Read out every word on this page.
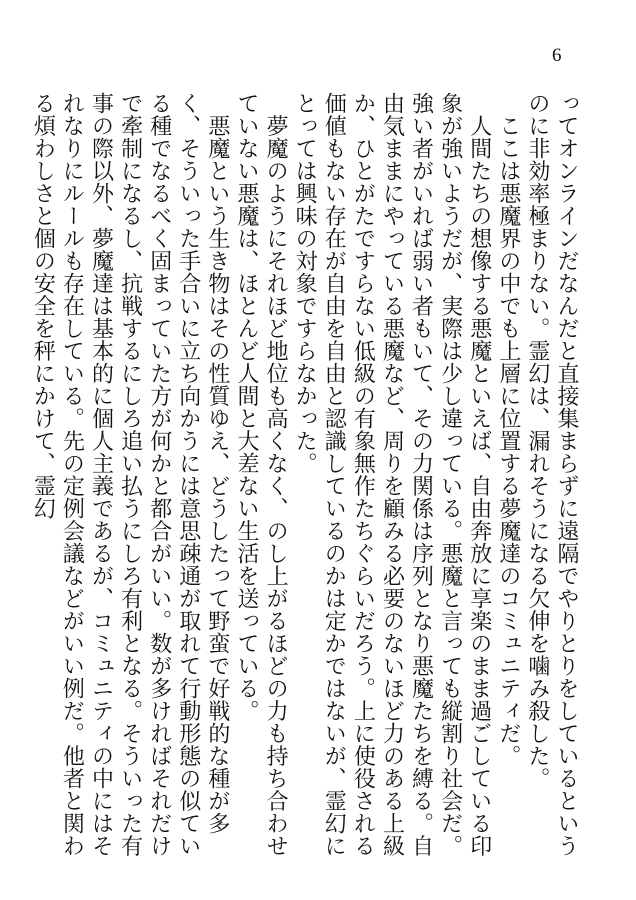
6
ってオンラインだなんだと直接集まらずに遠隔でやりとりをしているというのに非効率極まりない。霊幻は、漏れそうになる欠伸を噛み殺した。
　ここは悪魔界の中でも上層に位置する夢魔達のコミュニティだ。
　人間たちの想像する悪魔といえば、自由奔放に享楽のまま過ごしている印象が強いようだが、実際は少し違っている。悪魔と言っても縦割り社会だ。強い者がいれば弱い者もいて、その力関係は序列となり悪魔たちを縛る。自由気ままにやっている悪魔など、周りを顧みる必要のないほど力のある上級か、ひとがたですらない低級の有象無作たちぐらいだろう。上に使役される価値もない存在が自由を自由と認識しているのかは定かではないが、霊幻にとっては興味の対象ですらなかった。
　夢魔のようにそれほど地位も高くなく、のし上がるほどの力も持ち合わせていない悪魔は、ほとんど人間と大差ない生活を送っている。
　悪魔という生き物はその性質ゆえ、どうしたって野蛮で好戦的な種が多く、そういった手合いに立ち向かうには意思疎通が取れて行動形態の似ている種でなるべく固まっていた方が何かと都合がいい。数が多ければそれだけで牽制になるし、抗戦するにしろ追い払うにしろ有利となる。そういった有事の際以外、夢魔達は基本的に個人主義であるが、コミュニティの中にはそれなりにルールも存在している。先の定例会議などがいい例だ。他者と関わる煩わしさと個の安全を秤にかけて、霊幻
